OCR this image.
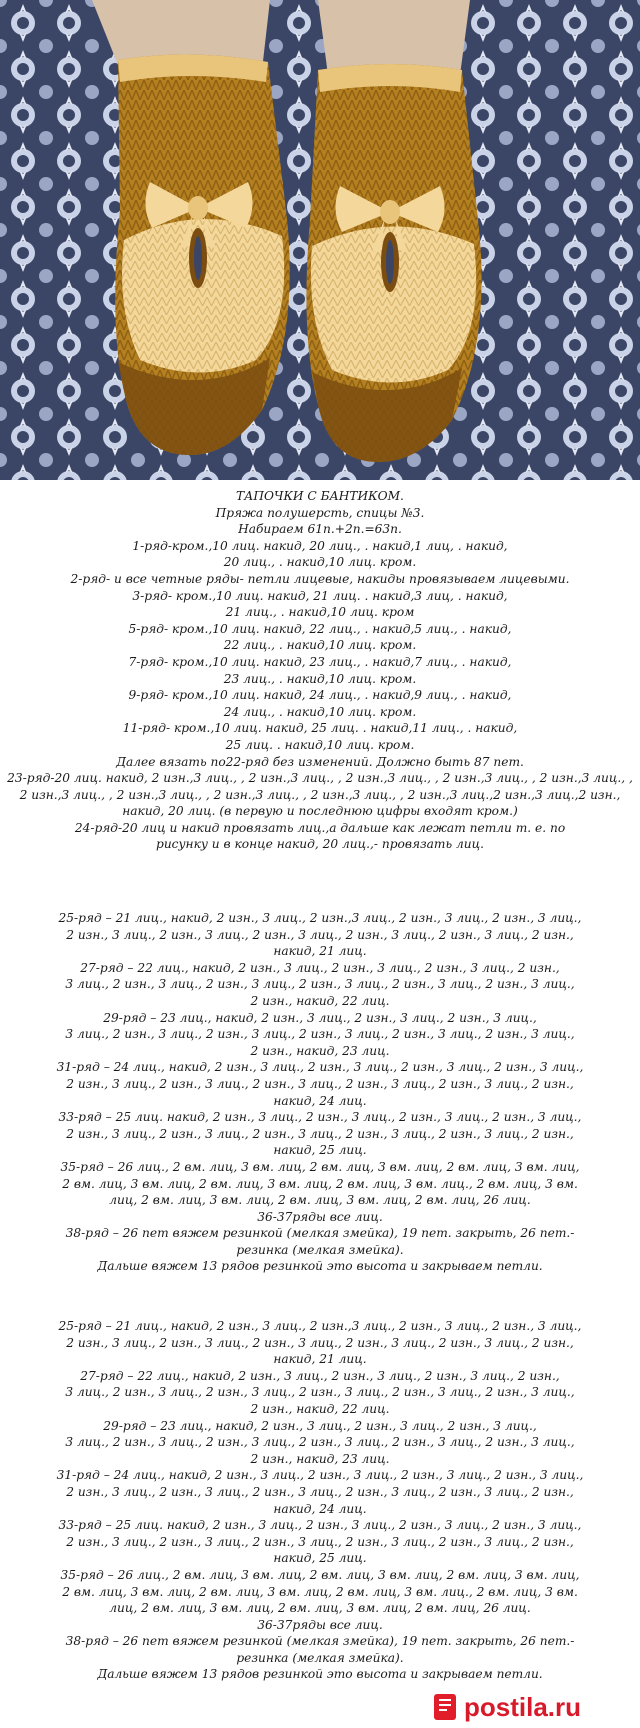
ТАПОЧКИ С БАНТИКОМ.
Пряжа полушерсть, спицы №3.
Набираем 61п.+2п.=63п.
1-ряд-кром.,10 лиц. накид, 20 лиц., . накид,1 лиц, . накид,
20 лиц., . накид,10 лиц. кром.
2-ряд- и все четные ряды- петли лицевые, накиды провязываем лицевыми.
3-ряд- кром.,10 лиц. накид, 21 лиц. . накид,3 лиц, . накид,
21 лиц., . накид,10 лиц. кром
5-ряд- кром.,10 лиц. накид, 22 лиц., . накид,5 лиц., . накид,
22 лиц., . накид,10 лиц. кром.
7-ряд- кром.,10 лиц. накид, 23 лиц., . накид,7 лиц., . накид,
23 лиц., . накид,10 лиц. кром.
9-ряд- кром.,10 лиц. накид, 24 лиц., . накид,9 лиц., . накид,
24 лиц., . накид,10 лиц. кром.
11-ряд- кром.,10 лиц. накид, 25 лиц. . накид,11 лиц., . накид,
25 лиц. . накид,10 лиц. кром.
Далее вязать по22-ряд без изменений. Должно быть 87 пет.
23-ряд-20 лиц. накид, 2 изн.,3 лиц., , 2 изн.,3 лиц., , 2 изн.,3 лиц., , 2 изн.,3 лиц., , 2 изн.,3 лиц., ,
2 изн.,3 лиц., , 2 изн.,3 лиц., , 2 изн.,3 лиц., , 2 изн.,3 лиц., , 2 изн.,3 лиц.,2 изн.,3 лиц.,2 изн.,
накид, 20 лиц. (в первую и последнюю цифры входят кром.)
24-ряд-20 лиц и накид провязать лиц.,а дальше как лежат петли т. е. по
рисунку и в конце накид, 20 лиц.,- провязать лиц.
25-ряд – 21 лиц., накид, 2 изн., 3 лиц., 2 изн.,3 лиц., 2 изн., 3 лиц., 2 изн., 3 лиц.,
2 изн., 3 лиц., 2 изн., 3 лиц., 2 изн., 3 лиц., 2 изн., 3 лиц., 2 изн., 3 лиц., 2 изн.,
накид, 21 лиц.
27-ряд – 22 лиц., накид, 2 изн., 3 лиц., 2 изн., 3 лиц., 2 изн., 3 лиц., 2 изн.,
3 лиц., 2 изн., 3 лиц., 2 изн., 3 лиц., 2 изн., 3 лиц., 2 изн., 3 лиц., 2 изн., 3 лиц.,
2 изн., накид, 22 лиц.
29-ряд – 23 лиц., накид, 2 изн., 3 лиц., 2 изн., 3 лиц., 2 изн., 3 лиц.,
3 лиц., 2 изн., 3 лиц., 2 изн., 3 лиц., 2 изн., 3 лиц., 2 изн., 3 лиц., 2 изн., 3 лиц.,
2 изн., накид, 23 лиц.
31-ряд – 24 лиц., накид, 2 изн., 3 лиц., 2 изн., 3 лиц., 2 изн., 3 лиц., 2 изн., 3 лиц.,
2 изн., 3 лиц., 2 изн., 3 лиц., 2 изн., 3 лиц., 2 изн., 3 лиц., 2 изн., 3 лиц., 2 изн.,
накид, 24 лиц.
33-ряд – 25 лиц. накид, 2 изн., 3 лиц., 2 изн., 3 лиц., 2 изн., 3 лиц., 2 изн., 3 лиц.,
2 изн., 3 лиц., 2 изн., 3 лиц., 2 изн., 3 лиц., 2 изн., 3 лиц., 2 изн., 3 лиц., 2 изн.,
накид, 25 лиц.
35-ряд – 26 лиц., 2 вм. лиц, 3 вм. лиц, 2 вм. лиц, 3 вм. лиц, 2 вм. лиц, 3 вм. лиц,
2 вм. лиц, 3 вм. лиц, 2 вм. лиц, 3 вм. лиц, 2 вм. лиц, 3 вм. лиц., 2 вм. лиц, 3 вм.
лиц, 2 вм. лиц, 3 вм. лиц, 2 вм. лиц, 3 вм. лиц, 2 вм. лиц, 26 лиц.
36-37ряды все лиц.
38-ряд – 26 пет вяжем резинкой (мелкая змейка), 19 пет. закрыть, 26 пет.-
резинка (мелкая змейка).
Дальше вяжем 13 рядов резинкой это высота и закрываем петли.
25-ряд – 21 лиц., накид, 2 изн., 3 лиц., 2 изн.,3 лиц., 2 изн., 3 лиц., 2 изн., 3 лиц.,
2 изн., 3 лиц., 2 изн., 3 лиц., 2 изн., 3 лиц., 2 изн., 3 лиц., 2 изн., 3 лиц., 2 изн.,
накид, 21 лиц.
27-ряд – 22 лиц., накид, 2 изн., 3 лиц., 2 изн., 3 лиц., 2 изн., 3 лиц., 2 изн.,
3 лиц., 2 изн., 3 лиц., 2 изн., 3 лиц., 2 изн., 3 лиц., 2 изн., 3 лиц., 2 изн., 3 лиц.,
2 изн., накид, 22 лиц.
29-ряд – 23 лиц., накид, 2 изн., 3 лиц., 2 изн., 3 лиц., 2 изн., 3 лиц.,
3 лиц., 2 изн., 3 лиц., 2 изн., 3 лиц., 2 изн., 3 лиц., 2 изн., 3 лиц., 2 изн., 3 лиц.,
2 изн., накид, 23 лиц.
31-ряд – 24 лиц., накид, 2 изн., 3 лиц., 2 изн., 3 лиц., 2 изн., 3 лиц., 2 изн., 3 лиц.,
2 изн., 3 лиц., 2 изн., 3 лиц., 2 изн., 3 лиц., 2 изн., 3 лиц., 2 изн., 3 лиц., 2 изн.,
накид, 24 лиц.
33-ряд – 25 лиц. накид, 2 изн., 3 лиц., 2 изн., 3 лиц., 2 изн., 3 лиц., 2 изн., 3 лиц.,
2 изн., 3 лиц., 2 изн., 3 лиц., 2 изн., 3 лиц., 2 изн., 3 лиц., 2 изн., 3 лиц., 2 изн.,
накид, 25 лиц.
35-ряд – 26 лиц., 2 вм. лиц, 3 вм. лиц, 2 вм. лиц, 3 вм. лиц, 2 вм. лиц, 3 вм. лиц,
2 вм. лиц, 3 вм. лиц, 2 вм. лиц, 3 вм. лиц, 2 вм. лиц, 3 вм. лиц., 2 вм. лиц, 3 вм.
лиц, 2 вм. лиц, 3 вм. лиц, 2 вм. лиц, 3 вм. лиц, 2 вм. лиц, 26 лиц.
36-37ряды все лиц.
38-ряд – 26 пет вяжем резинкой (мелкая змейка), 19 пет. закрыть, 26 пет.-
резинка (мелкая змейка).
Дальше вяжем 13 рядов резинкой это высота и закрываем петли.
postila.ru
